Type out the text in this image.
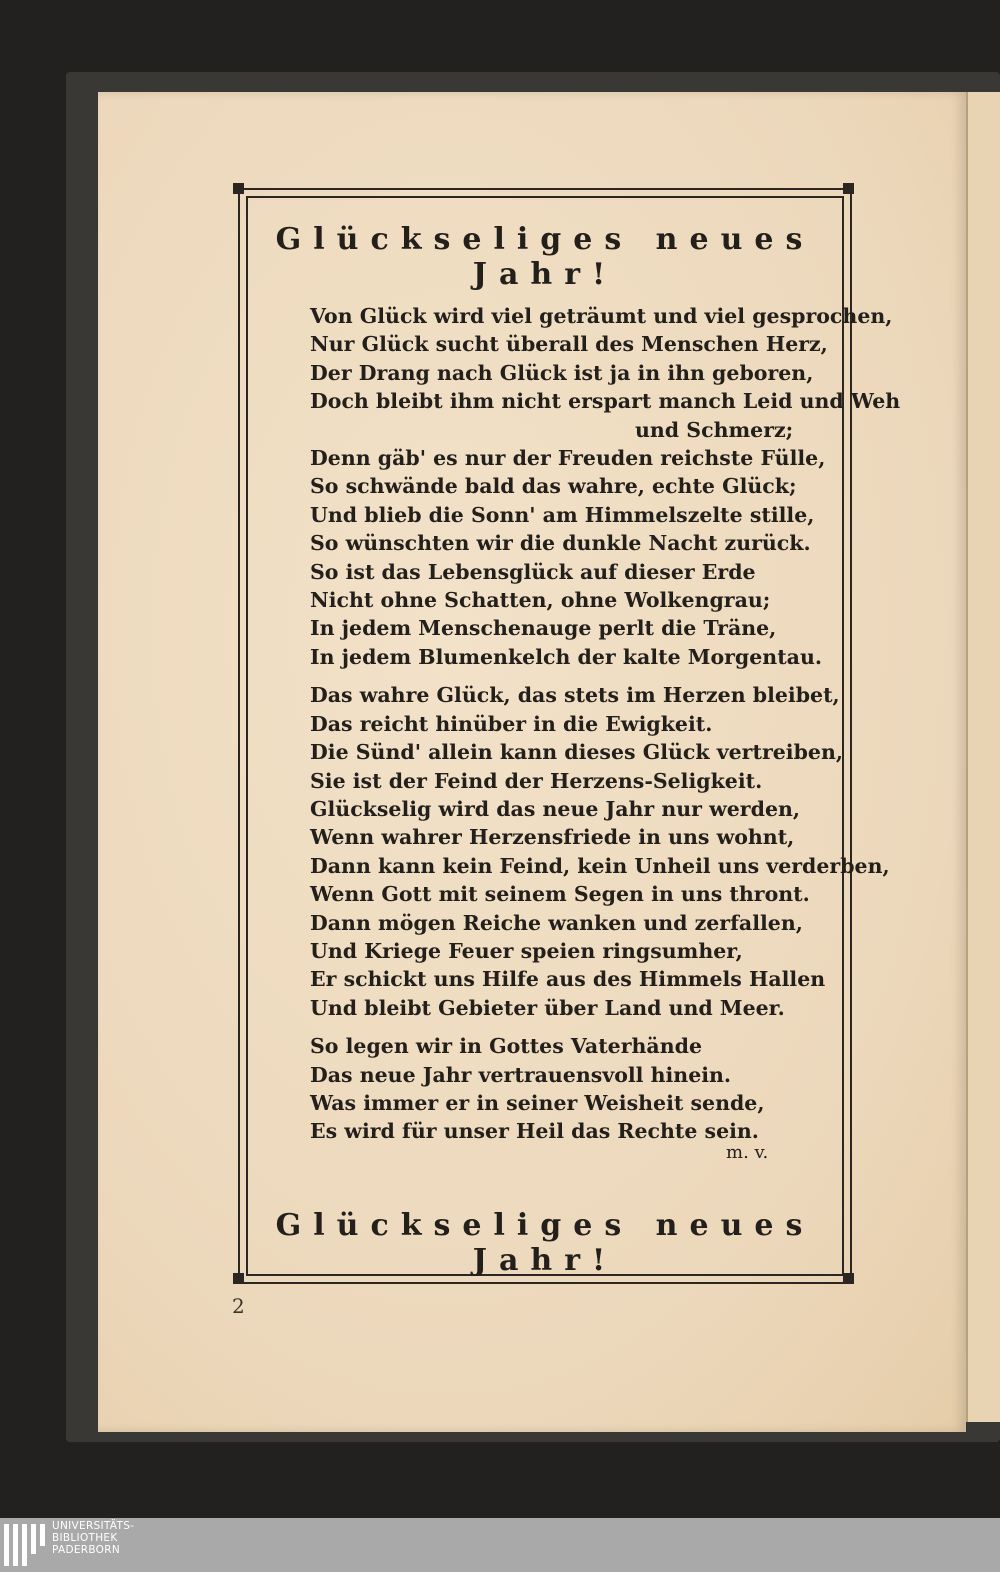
Glückseliges neues Jahr!
Von Glück wird viel geträumt und viel gesprochen,
Nur Glück sucht überall des Menschen Herz,
Der Drang nach Glück ist ja in ihn geboren,
Doch bleibt ihm nicht erspart manch Leid und Weh
und Schmerz;
Denn gäb' es nur der Freuden reichste Fülle,
So schwände bald das wahre, echte Glück;
Und blieb die Sonn' am Himmelszelte stille,
So wünschten wir die dunkle Nacht zurück.
So ist das Lebensglück auf dieser Erde
Nicht ohne Schatten, ohne Wolkengrau;
In jedem Menschenauge perlt die Träne,
In jedem Blumenkelch der kalte Morgentau.
Das wahre Glück, das stets im Herzen bleibet,
Das reicht hinüber in die Ewigkeit.
Die Sünd' allein kann dieses Glück vertreiben,
Sie ist der Feind der Herzens-Seligkeit.
Glückselig wird das neue Jahr nur werden,
Wenn wahrer Herzensfriede in uns wohnt,
Dann kann kein Feind, kein Unheil uns verderben,
Wenn Gott mit seinem Segen in uns thront.
Dann mögen Reiche wanken und zerfallen,
Und Kriege Feuer speien ringsumher,
Er schickt uns Hilfe aus des Himmels Hallen
Und bleibt Gebieter über Land und Meer.
So legen wir in Gottes Vaterhände
Das neue Jahr vertrauensvoll hinein.
Was immer er in seiner Weisheit sende,
Es wird für unser Heil das Rechte sein.
m. v.
Glückseliges neues Jahr!
2
UNIVERSITÄTS-
BIBLIOTHEK
PADERBORN
